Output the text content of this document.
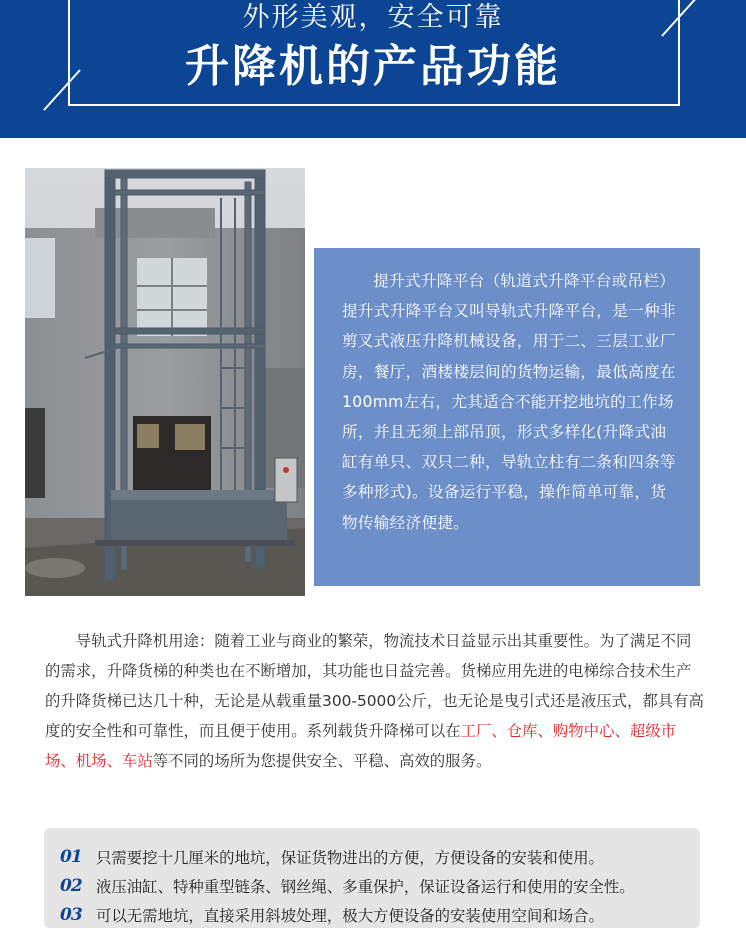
外形美观，安全可靠
升降机的产品功能

提升式升降平台（轨道式升降平台或吊栏）提升式升降平台又叫导轨式升降平台，是一种非剪叉式液压升降机械设备，用于二、三层工业厂房，餐厅，酒楼楼层间的货物运输，最低高度在100mm左右，尤其适合不能开挖地坑的工作场所，并且无须上部吊顶，形式多样化(升降式油缸有单只、双只二种，导轨立柱有二条和四条等多种形式)。设备运行平稳，操作简单可靠，货物传输经济便捷。

导轨式升降机用途：随着工业与商业的繁荣，物流技术日益显示出其重要性。为了满足不同的需求，升降货梯的种类也在不断增加，其功能也日益完善。货梯应用先进的电梯综合技术生产的升降货梯已达几十种，无论是从载重量300-5000公斤，也无论是曳引式还是液压式，都具有高度的安全性和可靠性，而且便于使用。系列载货升降梯可以在工厂、仓库、购物中心、超级市场、机场、车站等不同的场所为您提供安全、平稳、高效的服务。

01 只需要挖十几厘米的地坑，保证货物进出的方便，方便设备的安装和使用。
02 液压油缸、特种重型链条、钢丝绳、多重保护，保证设备运行和使用的安全性。
03 可以无需地坑，直接采用斜坡处理，极大方便设备的安装使用空间和场合。
